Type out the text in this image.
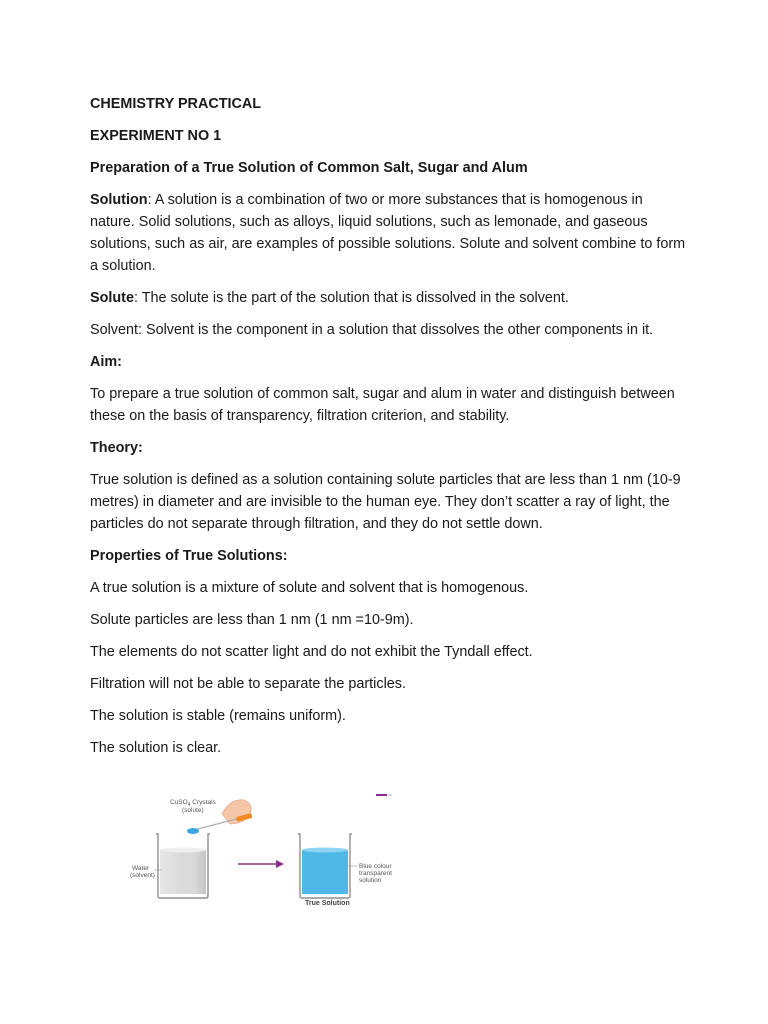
CHEMISTRY PRACTICAL

EXPERIMENT NO 1

Preparation of a True Solution of Common Salt, Sugar and Alum

Solution: A solution is a combination of two or more substances that is homogenous in nature. Solid solutions, such as alloys, liquid solutions, such as lemonade, and gaseous solutions, such as air, are examples of possible solutions. Solute and solvent combine to form a solution.

Solute: The solute is the part of the solution that is dissolved in the solvent.

Solvent: Solvent is the component in a solution that dissolves the other components in it.

Aim:

To prepare a true solution of common salt, sugar and alum in water and distinguish between these on the basis of transparency, filtration criterion, and stability.

Theory:

True solution is defined as a solution containing solute particles that are less than 1 nm (10-9 metres) in diameter and are invisible to the human eye. They don’t scatter a ray of light, the particles do not separate through filtration, and they do not settle down.

Properties of True Solutions:

A true solution is a mixture of solute and solvent that is homogenous.

Solute particles are less than 1 nm (1 nm =10-9m).

The elements do not scatter light and do not exhibit the Tyndall effect.

Filtration will not be able to separate the particles.

The solution is stable (remains uniform).

The solution is clear.

CuSO$_4$ Crystals
(solute)
Water
(solvent)
Blue colour
transparent
solution
True Solution
